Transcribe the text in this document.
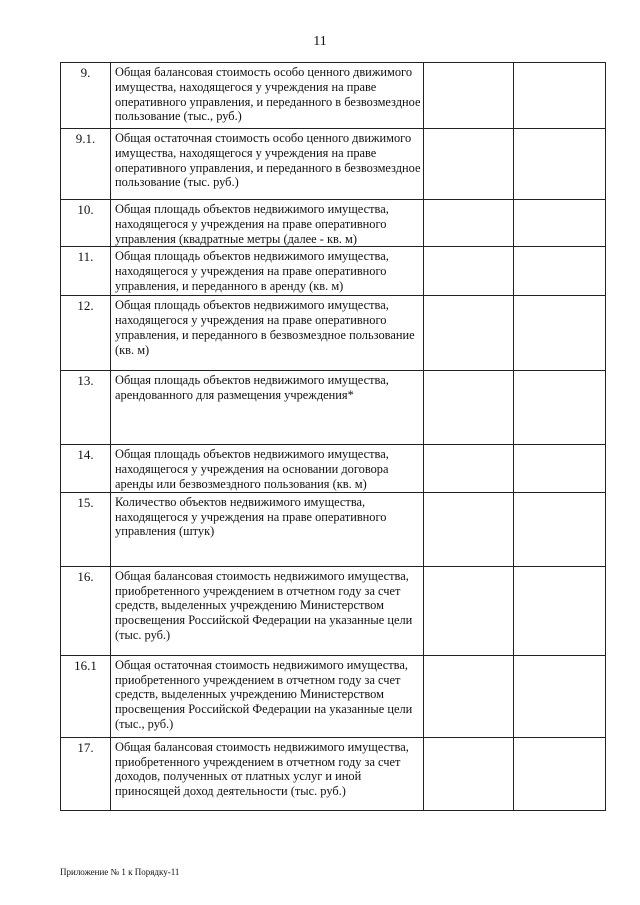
11
9.	Общая балансовая стоимость особо ценного движимого имущества, находящегося у учреждения на праве оперативного управления, и переданного в безвозмездное пользование (тыс., руб.)		
9.1.	Общая остаточная стоимость особо ценного движимого имущества, находящегося у учреждения на праве оперативного управления, и переданного в безвозмездное пользование (тыс. руб.)		
10.	Общая площадь объектов недвижимого имущества, находящегося у учреждения на праве оперативного управления (квадратные метры (далее - кв. м)		
11.	Общая площадь объектов недвижимого имущества, находящегося у учреждения на праве оперативного управления, и переданного в аренду (кв. м)		
12.	Общая площадь объектов недвижимого имущества, находящегося у учреждения на праве оперативного управления, и переданного в безвозмездное пользование (кв. м)		
13.	Общая площадь объектов недвижимого имущества, арендованного для размещения учреждения*		
14.	Общая площадь объектов недвижимого имущества, находящегося у учреждения на основании договора аренды или безвозмездного пользования (кв. м)		
15.	Количество объектов недвижимого имущества, находящегося у учреждения на праве оперативного управления (штук)		
16.	Общая балансовая стоимость недвижимого имущества, приобретенного учреждением в отчетном году за счет средств, выделенных учреждению Министерством просвещения Российской Федерации на указанные цели (тыс. руб.)		
16.1	Общая остаточная стоимость недвижимого имущества, приобретенного учреждением в отчетном году за счет средств, выделенных учреждению Министерством просвещения Российской Федерации на указанные цели (тыс., руб.)		
17.	Общая балансовая стоимость недвижимого имущества, приобретенного учреждением в отчетном году за счет доходов, полученных от платных услуг и иной приносящей доход деятельности (тыс. руб.)		
Приложение № 1 к Порядку-11
